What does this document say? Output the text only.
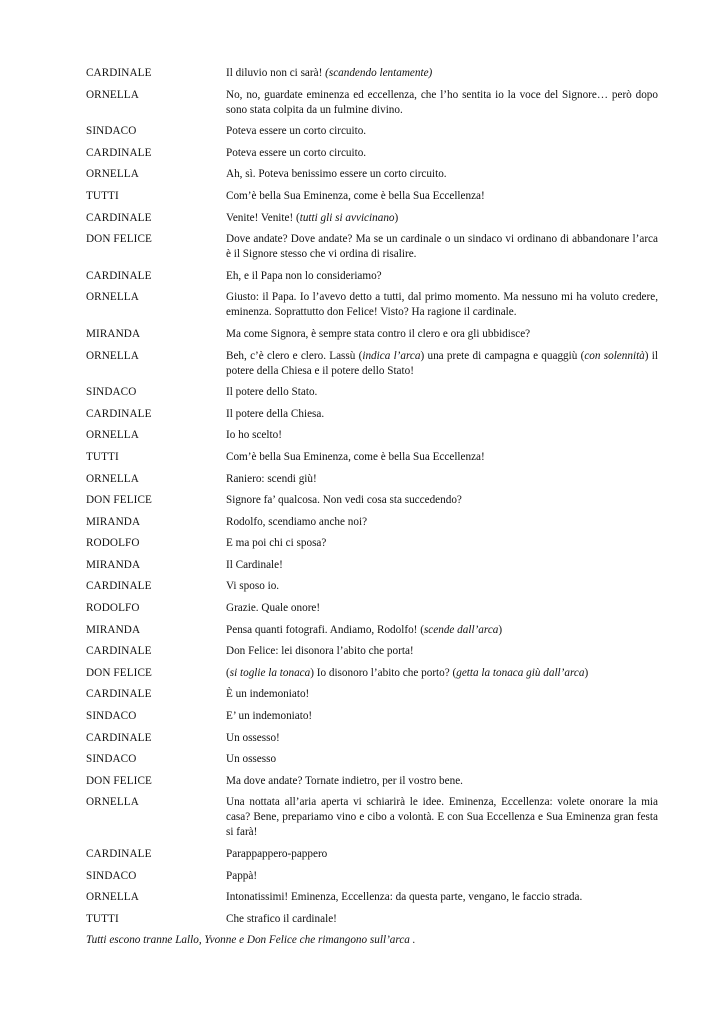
CARDINALE	Il diluvio non ci sarà! (scandendo lentamente)
ORNELLA	No, no, guardate eminenza ed eccellenza, che l’ho sentita io la voce del Signore… però dopo sono stata colpita da un fulmine divino.
SINDACO	Poteva essere un corto circuito.
CARDINALE	Poteva essere un corto circuito.
ORNELLA	Ah, sì. Poteva benissimo essere un corto circuito.
TUTTI	Com’è bella Sua Eminenza, come è bella Sua Eccellenza!
CARDINALE	Venite! Venite! (tutti gli si avvicinano)
DON FELICE	Dove andate? Dove andate? Ma se un cardinale o un sindaco vi ordinano di abbandonare l’arca è il Signore stesso che vi ordina di risalire.
CARDINALE	Eh, e il Papa non lo consideriamo?
ORNELLA	Giusto: il Papa. Io l’avevo detto a tutti, dal primo momento. Ma nessuno mi ha voluto credere, eminenza. Soprattutto don Felice! Visto? Ha ragione il cardinale.
MIRANDA	Ma come Signora, è sempre stata contro il clero e ora gli ubbidisce?
ORNELLA	Beh, c’è clero e clero. Lassù (indica l’arca) una prete di campagna e quaggiù (con solennità) il potere della Chiesa e il potere dello Stato!
SINDACO	Il potere dello Stato.
CARDINALE	Il potere della Chiesa.
ORNELLA	Io ho scelto!
TUTTI	Com’è bella Sua Eminenza, come è bella Sua Eccellenza!
ORNELLA	Raniero: scendi giù!
DON FELICE	Signore fa’ qualcosa. Non vedi cosa sta succedendo?
MIRANDA	Rodolfo, scendiamo anche noi?
RODOLFO	E ma poi chi ci sposa?
MIRANDA	Il Cardinale!
CARDINALE	Vi sposo io.
RODOLFO	Grazie. Quale onore!
MIRANDA	Pensa quanti fotografi. Andiamo, Rodolfo! (scende dall’arca)
CARDINALE	Don Felice: lei disonora l’abito che porta!
DON FELICE	(si toglie la tonaca) Io disonoro l’abito che porto? (getta la tonaca giù dall’arca)
CARDINALE	È un indemoniato!
SINDACO	E’ un indemoniato!
CARDINALE	Un ossesso!
SINDACO	Un ossesso
DON FELICE	Ma dove andate? Tornate indietro, per il vostro bene.
ORNELLA	Una nottata all’aria aperta vi schiarirà le idee. Eminenza, Eccellenza: volete onorare la mia casa? Bene, prepariamo vino e cibo a volontà. E con Sua Eccellenza e Sua Eminenza gran festa si farà!
CARDINALE	Parappappero-pappero
SINDACO	Pappà!
ORNELLA	Intonatissimi! Eminenza, Eccellenza: da questa parte, vengano, le faccio strada.
TUTTI	Che strafico il cardinale!
Tutti escono tranne Lallo, Yvonne e Don Felice che rimangono sull’arca .
